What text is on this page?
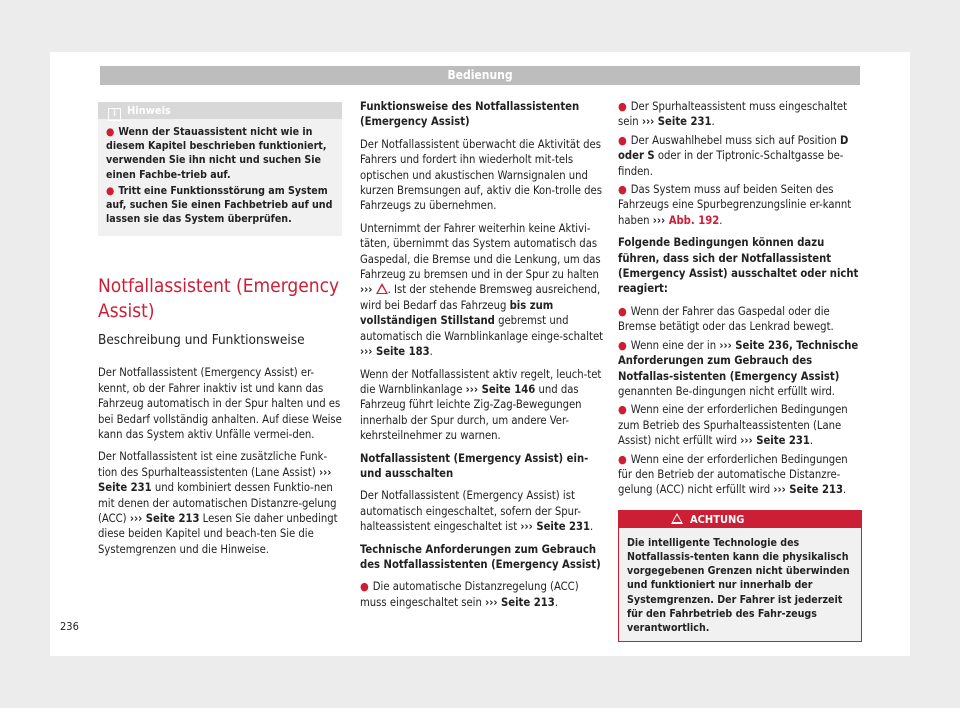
Bedienung
i Hinweis

● Wenn der Stauassistent nicht wie in diesem Kapitel beschrieben funktioniert, verwenden Sie ihn nicht und suchen Sie einen Fachbe-trieb auf.

● Tritt eine Funktionsstörung am System auf, suchen Sie einen Fachbetrieb auf und lassen sie das System überprüfen.

Notfallassistent (Emergency
Assist)
Beschreibung und Funktionsweise

Der Notfallassistent (Emergency Assist) er-kennt, ob der Fahrer inaktiv ist und kann das Fahrzeug automatisch in der Spur halten und es bei Bedarf vollständig anhalten. Auf diese Weise kann das System aktiv Unfälle vermei-den.

Der Notfallassistent ist eine zusätzliche Funk-tion des Spurhalteassistenten (Lane Assist) ››› Seite 231 und kombiniert dessen Funktio-nen mit denen der automatischen Distanzre-gelung (ACC) ››› Seite 213 Lesen Sie daher unbedingt diese beiden Kapitel und beach-ten Sie die Systemgrenzen und die Hinweise.

Funktionsweise des Notfallassistenten (Emergency Assist)

Der Notfallassistent überwacht die Aktivität des Fahrers und fordert ihn wiederholt mit-tels optischen und akustischen Warnsignalen und kurzen Bremsungen auf, aktiv die Kon-trolle des Fahrzeugs zu übernehmen.

Unternimmt der Fahrer weiterhin keine Aktivi-täten, übernimmt das System automatisch das Gaspedal, die Bremse und die Lenkung, um das Fahrzeug zu bremsen und in der Spur zu halten ››› . Ist der stehende Bremsweg ausreichend, wird bei Bedarf das Fahrzeug bis zum vollständigen Stillstand gebremst und automatisch die Warnblinkanlage einge-schaltet ››› Seite 183.

Wenn der Notfallassistent aktiv regelt, leuch-tet die Warnblinkanlage ››› Seite 146 und das Fahrzeug führt leichte Zig-Zag-Bewegungen innerhalb der Spur durch, um andere Ver-kehrsteilnehmer zu warnen.

Notfallassistent (Emergency Assist) ein- und ausschalten

Der Notfallassistent (Emergency Assist) ist automatisch eingeschaltet, sofern der Spur-halteassistent eingeschaltet ist ››› Seite 231.

Technische Anforderungen zum Gebrauch des Notfallassistenten (Emergency Assist)

● Die automatische Distanzregelung (ACC) muss eingeschaltet sein ››› Seite 213.

● Der Spurhalteassistent muss eingeschaltet sein ››› Seite 231.

● Der Auswahlhebel muss sich auf Position D oder S oder in der Tiptronic-Schaltgasse be-finden.

● Das System muss auf beiden Seiten des Fahrzeugs eine Spurbegrenzungslinie er-kannt haben ››› Abb. 192.

Folgende Bedingungen können dazu führen, dass sich der Notfallassistent (Emergency Assist) ausschaltet oder nicht reagiert:

● Wenn der Fahrer das Gaspedal oder die Bremse betätigt oder das Lenkrad bewegt.

● Wenn eine der in ››› Seite 236, Technische Anforderungen zum Gebrauch des Notfallas-sistenten (Emergency Assist) genannten Be-dingungen nicht erfüllt wird.

● Wenn eine der erforderlichen Bedingungen zum Betrieb des Spurhalteassistenten (Lane Assist) nicht erfüllt wird ››› Seite 231.

● Wenn eine der erforderlichen Bedingungen für den Betrieb der automatische Distanzre-gelung (ACC) nicht erfüllt wird ››› Seite 213.

ACHTUNG
Die intelligente Technologie des Notfallassis-tenten kann die physikalisch vorgegebenen Grenzen nicht überwinden und funktioniert nur innerhalb der Systemgrenzen. Der Fahrer ist jederzeit für den Fahrbetrieb des Fahr-zeugs verantwortlich.
236
